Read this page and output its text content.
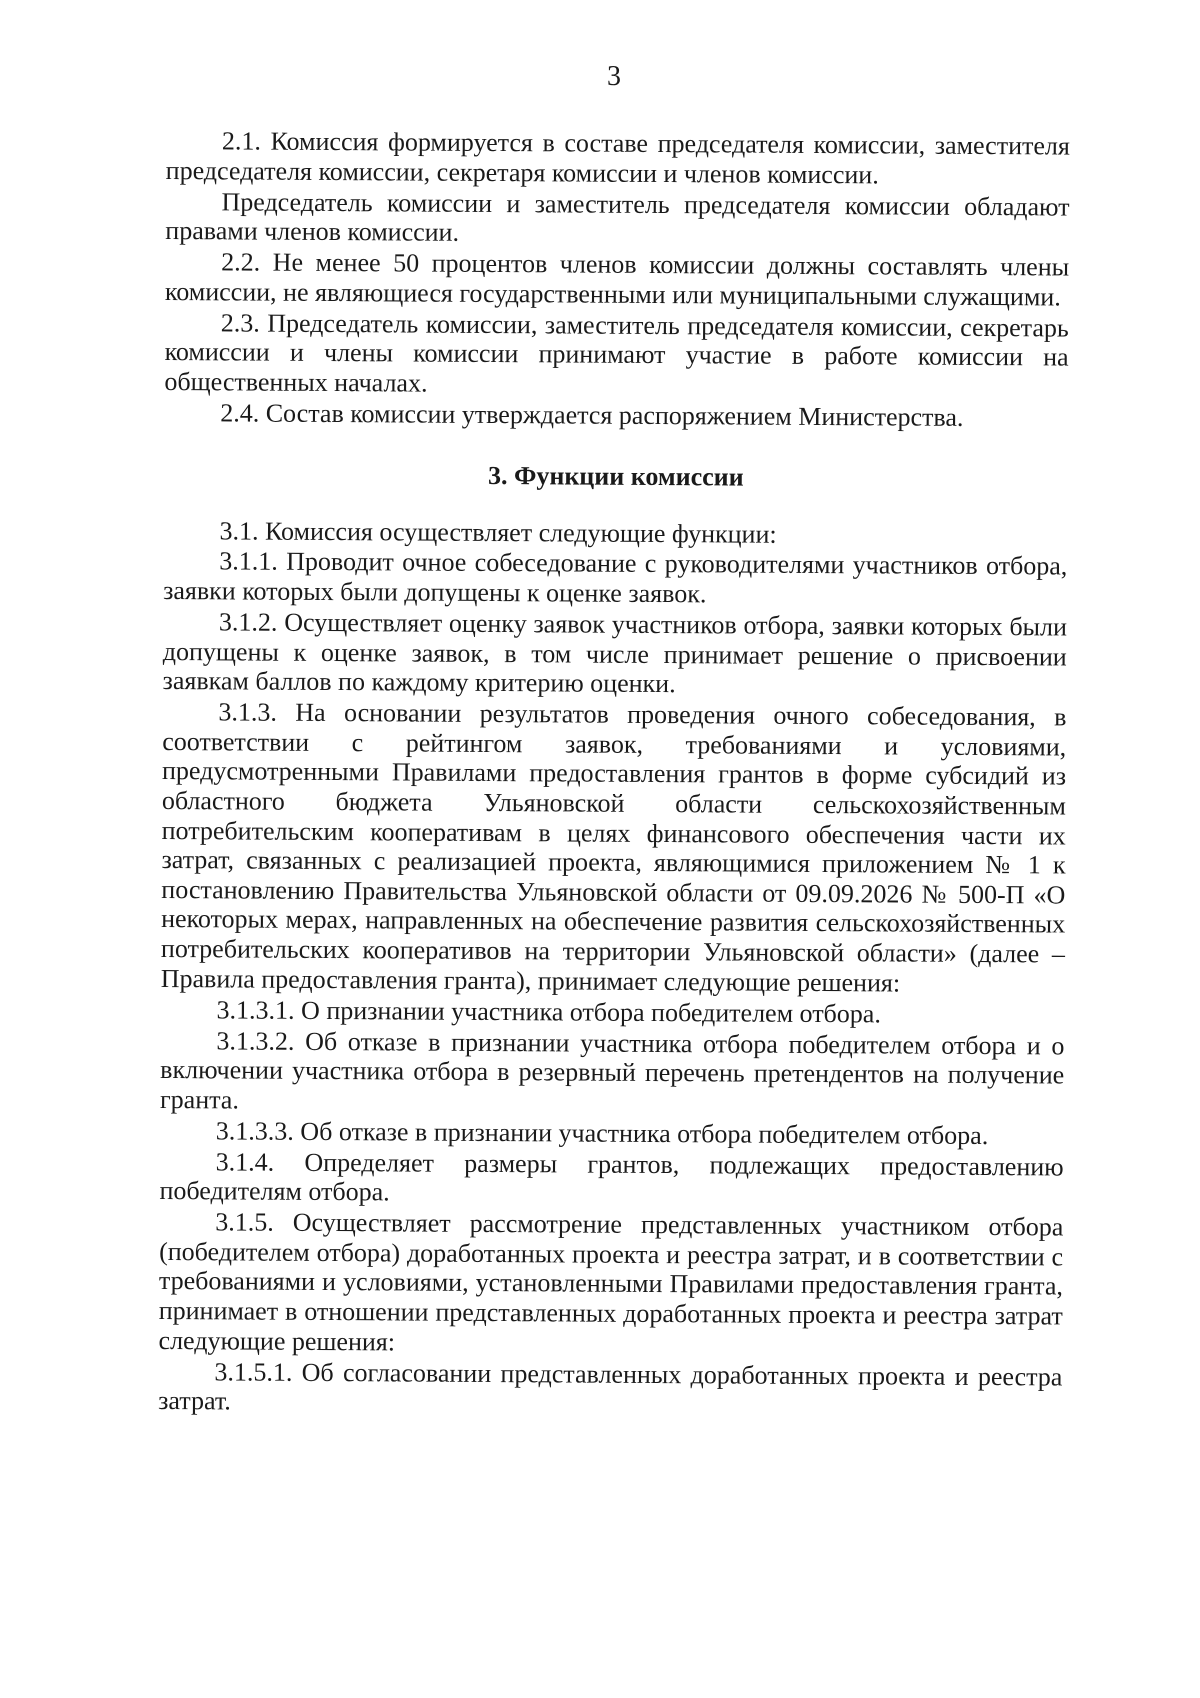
3

2.1. Комиссия формируется в составе председателя комиссии, заместителя председателя комиссии, секретаря комиссии и членов комиссии.

Председатель комиссии и заместитель председателя комиссии обладают правами членов комиссии.

2.2. Не менее 50 процентов членов комиссии должны составлять члены комиссии, не являющиеся государственными или муниципальными служащими.

2.3. Председатель комиссии, заместитель председателя комиссии, секретарь комиссии и члены комиссии принимают участие в работе комиссии на общественных началах.

2.4. Состав комиссии утверждается распоряжением Министерства.

3. Функции комиссии

3.1. Комиссия осуществляет следующие функции:

3.1.1. Проводит очное собеседование с руководителями участников отбора, заявки которых были допущены к оценке заявок.

3.1.2. Осуществляет оценку заявок участников отбора, заявки которых были допущены к оценке заявок, в том числе принимает решение о присвоении заявкам баллов по каждому критерию оценки.

3.1.3. На основании результатов проведения очного собеседования, в соответствии с рейтингом заявок, требованиями и условиями, предусмотренными Правилами предоставления грантов в форме субсидий из областного бюджета Ульяновской области сельскохозяйственным потребительским кооперативам в целях финансового обеспечения части их затрат, связанных с реализацией проекта, являющимися приложением № 1 к постановлению Правительства Ульяновской области от 09.09.2026 № 500-П «О некоторых мерах, направленных на обеспечение развития сельскохозяйственных потребительских кооперативов на территории Ульяновской области» (далее – Правила предоставления гранта), принимает следующие решения:

3.1.3.1. О признании участника отбора победителем отбора.

3.1.3.2. Об отказе в признании участника отбора победителем отбора и о включении участника отбора в резервный перечень претендентов на получение гранта.

3.1.3.3. Об отказе в признании участника отбора победителем отбора.

3.1.4. Определяет размеры грантов, подлежащих предоставлению победителям отбора.

3.1.5. Осуществляет рассмотрение представленных участником отбора (победителем отбора) доработанных проекта и реестра затрат, и в соответствии с требованиями и условиями, установленными Правилами предоставления гранта, принимает в отношении представленных доработанных проекта и реестра затрат следующие решения:

3.1.5.1. Об согласовании представленных доработанных проекта и реестра затрат.
